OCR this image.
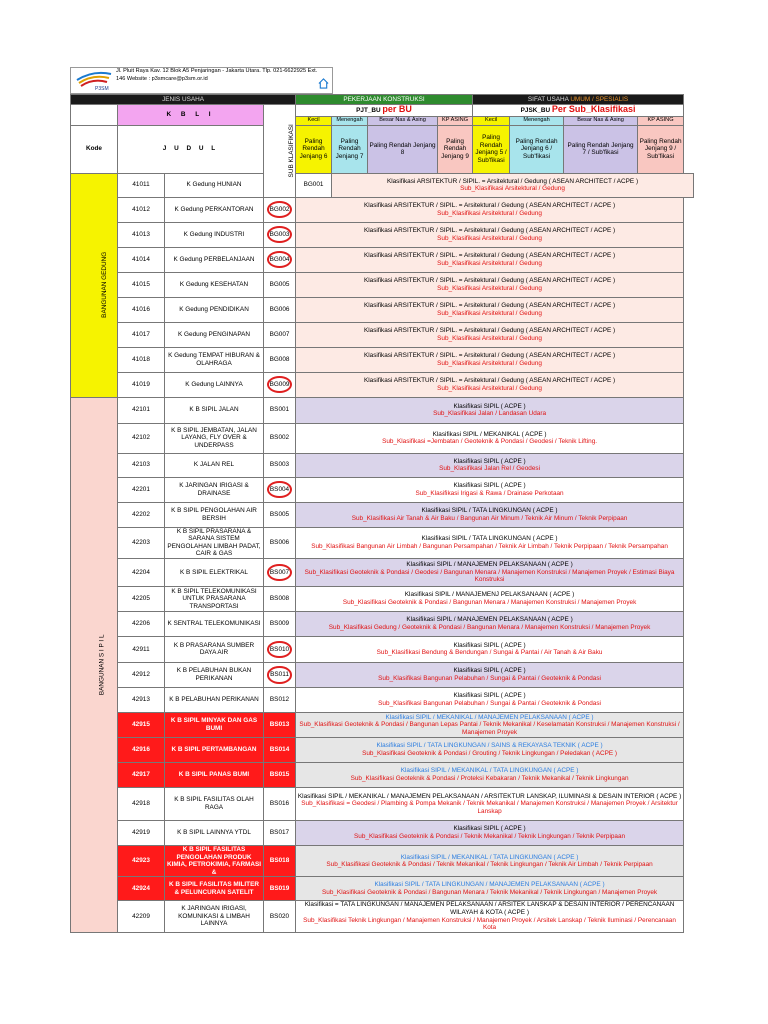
P3SM
Jl. Pluit Raya Kav. 12 Blok A5 Penjaringan - Jakarta Utara. Tlp. 021-6622925 Ext. 146 Website : p3smcare@p3sm.or.id
JENIS USAHA				PEKERJAAN KONSTRUKSI				SIFAT USAHA UMUM / SPESIALIS			
	K B L I		SUB KLASIFIKASI	PJT_BU per BU				PJSK_BU Per Sub_Klasifikasi			
				Kecil	Menengah	Besar Nas & Asing	KP ASING	Kecil	Menengah	Besar Nas & Asing	KP ASING
Kode	J U D U L			Paling Rendah Jenjang 6	Paling Rendah Jenjang 7	Paling Rendah Jenjang 8	Paling Rendah Jenjang 9	Paling Rendah Jenjang 5 / Sub'fikasi	Paling Rendah Jenjang 6 / Sub'fikasi	Paling Rendah Jenjang 7 / Sub'fikasi	Paling Rendah Jenjang 9 / Sub'fikasi
BANGUNAN GEDUNG	41011	K Gedung HUNIAN		BG001	Klasifikasi ARSITEKTUR / SIPIL. = Arsitektural / Gedung ( ASEAN ARCHITECT / ACPE )
Sub_Klasifikasi Arsitektural / Gedung						

	41012	K Gedung PERKANTORAN	BG002	Klasifikasi ARSITEKTUR / SIPIL. = Arsitektural / Gedung ( ASEAN ARCHITECT / ACPE )
Sub_Klasifikasi Arsitektural / Gedung							

	41013	K Gedung INDUSTRI	BG003	Klasifikasi ARSITEKTUR / SIPIL. = Arsitektural / Gedung ( ASEAN ARCHITECT / ACPE )
Sub_Klasifikasi Arsitektural / Gedung							

	41014	K Gedung PERBELANJAAN	BG004	Klasifikasi ARSITEKTUR / SIPIL. = Arsitektural / Gedung ( ASEAN ARCHITECT / ACPE )
Sub_Klasifikasi Arsitektural / Gedung							

	41015	K Gedung KESEHATAN	BG005	Klasifikasi ARSITEKTUR / SIPIL. = Arsitektural / Gedung ( ASEAN ARCHITECT / ACPE )
Sub_Klasifikasi Arsitektural / Gedung							

	41016	K Gedung PENDIDIKAN	BG006	Klasifikasi ARSITEKTUR / SIPIL. = Arsitektural / Gedung ( ASEAN ARCHITECT / ACPE )
Sub_Klasifikasi Arsitektural / Gedung							

	41017	K Gedung PENGINAPAN	BG007	Klasifikasi ARSITEKTUR / SIPIL. = Arsitektural / Gedung ( ASEAN ARCHITECT / ACPE )
Sub_Klasifikasi Arsitektural / Gedung							

	41018	K Gedung TEMPAT HIBURAN & OLAHRAGA	BG008	Klasifikasi ARSITEKTUR / SIPIL. = Arsitektural / Gedung ( ASEAN ARCHITECT / ACPE )
Sub_Klasifikasi Arsitektural / Gedung							

	41019	K Gedung LAINNYA	BG009	Klasifikasi ARSITEKTUR / SIPIL. = Arsitektural / Gedung ( ASEAN ARCHITECT / ACPE )
Sub_Klasifikasi Arsitektural / Gedung							

BANGUNAN S I P I L	42101	K B SIPIL JALAN	BS001	Klasifikasi SIPIL ( ACPE )
Sub_Klasifikasi Jalan / Landasan Udara							

	42102	K B SIPIL JEMBATAN, JALAN LAYANG, FLY OVER & UNDERPASS	BS002	Klasifikasi SIPIL / MEKANIKAL ( ACPE )
Sub_Klasifikasi =Jembatan / Geoteknik & Pondasi / Geodesi / Teknik Lifting.							

	42103	K JALAN REL	BS003	Klasifikasi SIPIL ( ACPE )
Sub_Klasifikasi Jalan Rel / Geodesi							

	42201	K JARINGAN IRIGASI & DRAINASE	BS004	Klasifikasi SIPIL ( ACPE )
Sub_Klasifikasi Irigasi & Rawa / Drainase Perkotaan							

	42202	K B SIPIL PENGOLAHAN AIR BERSIH	BS005	Klasifikasi SIPIL / TATA LINGKUNGAN ( ACPE )
Sub_Klasifikasi Air Tanah & Air Baku / Bangunan Air Minum / Teknik Air Minum / Teknik Perpipaan							

	42203	K B SIPIL PRASARANA & SARANA SISTEM PENGOLAHAN LIMBAH PADAT, CAIR & GAS	BS006	Klasifikasi SIPIL / TATA LINGKUNGAN ( ACPE )
Sub_Klasifikasi Bangunan Air Limbah / Bangunan Persampahan / Teknik Air Limbah / Teknik Perpipaan / Teknik Persampahan							

	42204	K B SIPIL ELEKTRIKAL	BS007	Klasifikasi SIPIL / MANAJEMEN PELAKSANAAN ( ACPE )
Sub_Klasifikasi Geoteknik & Pondasi / Geodesi / Bangunan Menara / Manajemen Konstruksi / Manajemen Proyek / Estimasi Biaya Konstruksi							

	42205	K B SIPIL TELEKOMUNIKASI UNTUK PRASARANA TRANSPORTASI	BS008	Klasifikasi SIPIL / MANAJEMENJ PELAKSANAAN ( ACPE )
Sub_Klasifikasi Geoteknik & Pondasi / Bangunan Menara / Manajemen Konstruksi / Manajemen Proyek							

	42206	K SENTRAL TELEKOMUNIKASI	BS009	Klasifikasi SIPIL / MANAJEMEN PELAKSANAAN ( ACPE )
Sub_Klasifikasi Gedung / Geoteknik & Pondasi / Bangunan Menara / Manajemen Konstruksi / Manajemen Proyek							

	42911	K B PRASARANA SUMBER DAYA AIR	BS010	Klasifikasi SIPIL ( ACPE )
Sub_Klasifikasi Bendung & Bendungan / Sungai & Pantai / Air Tanah & Air Baku							

	42912	K B PELABUHAN BUKAN PERIKANAN	BS011	Klasifikasi SIPIL ( ACPE )
Sub_Klasifikasi Bangunan Pelabuhan / Sungai & Pantai / Geoteknik & Pondasi							

	42913	K B PELABUHAN PERIKANAN	BS012	Klasifikasi SIPIL ( ACPE )
Sub_Klasifikasi Bangunan Pelabuhan / Sungai & Pantai / Geoteknik & Pondasi							

	42915	K B SIPIL MINYAK DAN GAS BUMI	BS013	Klasifikasi SIPIL / MEKANIKAL / MANAJEMEN PELAKSANAAN ( ACPE )
Sub_Klasifikasi Geoteknik & Pondasi / Bangunan Lepas Pantai / Teknik Mekanikal / Keselamatan Konstruksi / Manajemen Konstruksi / Manajemen Proyek							

	42916	K B SIPIL PERTAMBANGAN	BS014	Klasifikasi SIPIL / TATA LINGKUNGAN / SAINS & REKAYASA TEKNIK ( ACPE )
Sub_Klasifikasi Geoteknik & Pondasi / Grouting / Teknik Lingkungan / Peledakan ( ACPE )							

	42917	K B SIPIL PANAS BUMI	BS015	Klasifikasi SIPIL / MEKANIKAL / TATA LINGKUNGAN ( ACPE )
Sub_Klasifikasi Geoteknik & Pondasi / Proteksi Kebakaran / Teknik Mekanikal / Teknik Lingkungan							

	42918	K B SIPIL FASILITAS OLAH RAGA	BS016	Klasifikasi SIPIL / MEKANIKAL / MANAJEMEN PELAKSANAAN / ARSITEKTUR LANSKAP, ILUMINASI & DESAIN INTERIOR ( ACPE )
Sub_Klasifikasi = Geodesi / Plambing & Pompa Mekanik / Teknik Mekanikal / Manajemen Konstruksi / Manajemen Proyek / Arsitektur Lanskap							

	42919	K B SIPIL LAINNYA YTDL	BS017	Klasifikasi SIPIL ( ACPE )
Sub_Klasifikasi Geoteknik & Pondasi / Teknik Mekanikal / Teknik Lingkungan / Teknik Perpipaan							

	42923	K B SIPIL FASILITAS PENGOLAHAN PRODUK KIMIA, PETROKIMIA, FARMASI &	BS018	Klasifikasi SIPIL / MEKANIKAL / TATA LINGKUNGAN ( ACPE )
Sub_Klasifikasi Geoteknik & Pondasi / Teknik Mekanikal / Teknik Lingkungan / Teknik Air Limbah / Teknik Perpipaan							

	42924	K B SIPIL FASILITAS MILITER & PELUNCURAN SATELIT	BS019	Klasifikasi SIPIL / TATA LINGKUNGAN / MANAJEMEN PELAKSANAAN ( ACPE )
Sub_Klasifikasi Geoteknik & Pondasi / Bangunan Menara / Teknik Mekanikal / Teknik Lingkungan / Manajemen Proyek							

	42209	K JARINGAN IRIGASI, KOMUNIKASI & LIMBAH LAINNYA	BS020	Klasifikasi = TATA LINGKUNGAN / MANAJEMEN PELAKSANAAN / ARSITEK LANSKAP & DESAIN INTERIOR / PERENCANAAN WILAYAH & KOTA ( ACPE )
Sub_Klasifikasi Teknik Lingkungan / Manajemen Konstruksi / Manajemen Proyek / Arsitek Lanskap / Teknik Iluminasi / Perencanaan Kota							
